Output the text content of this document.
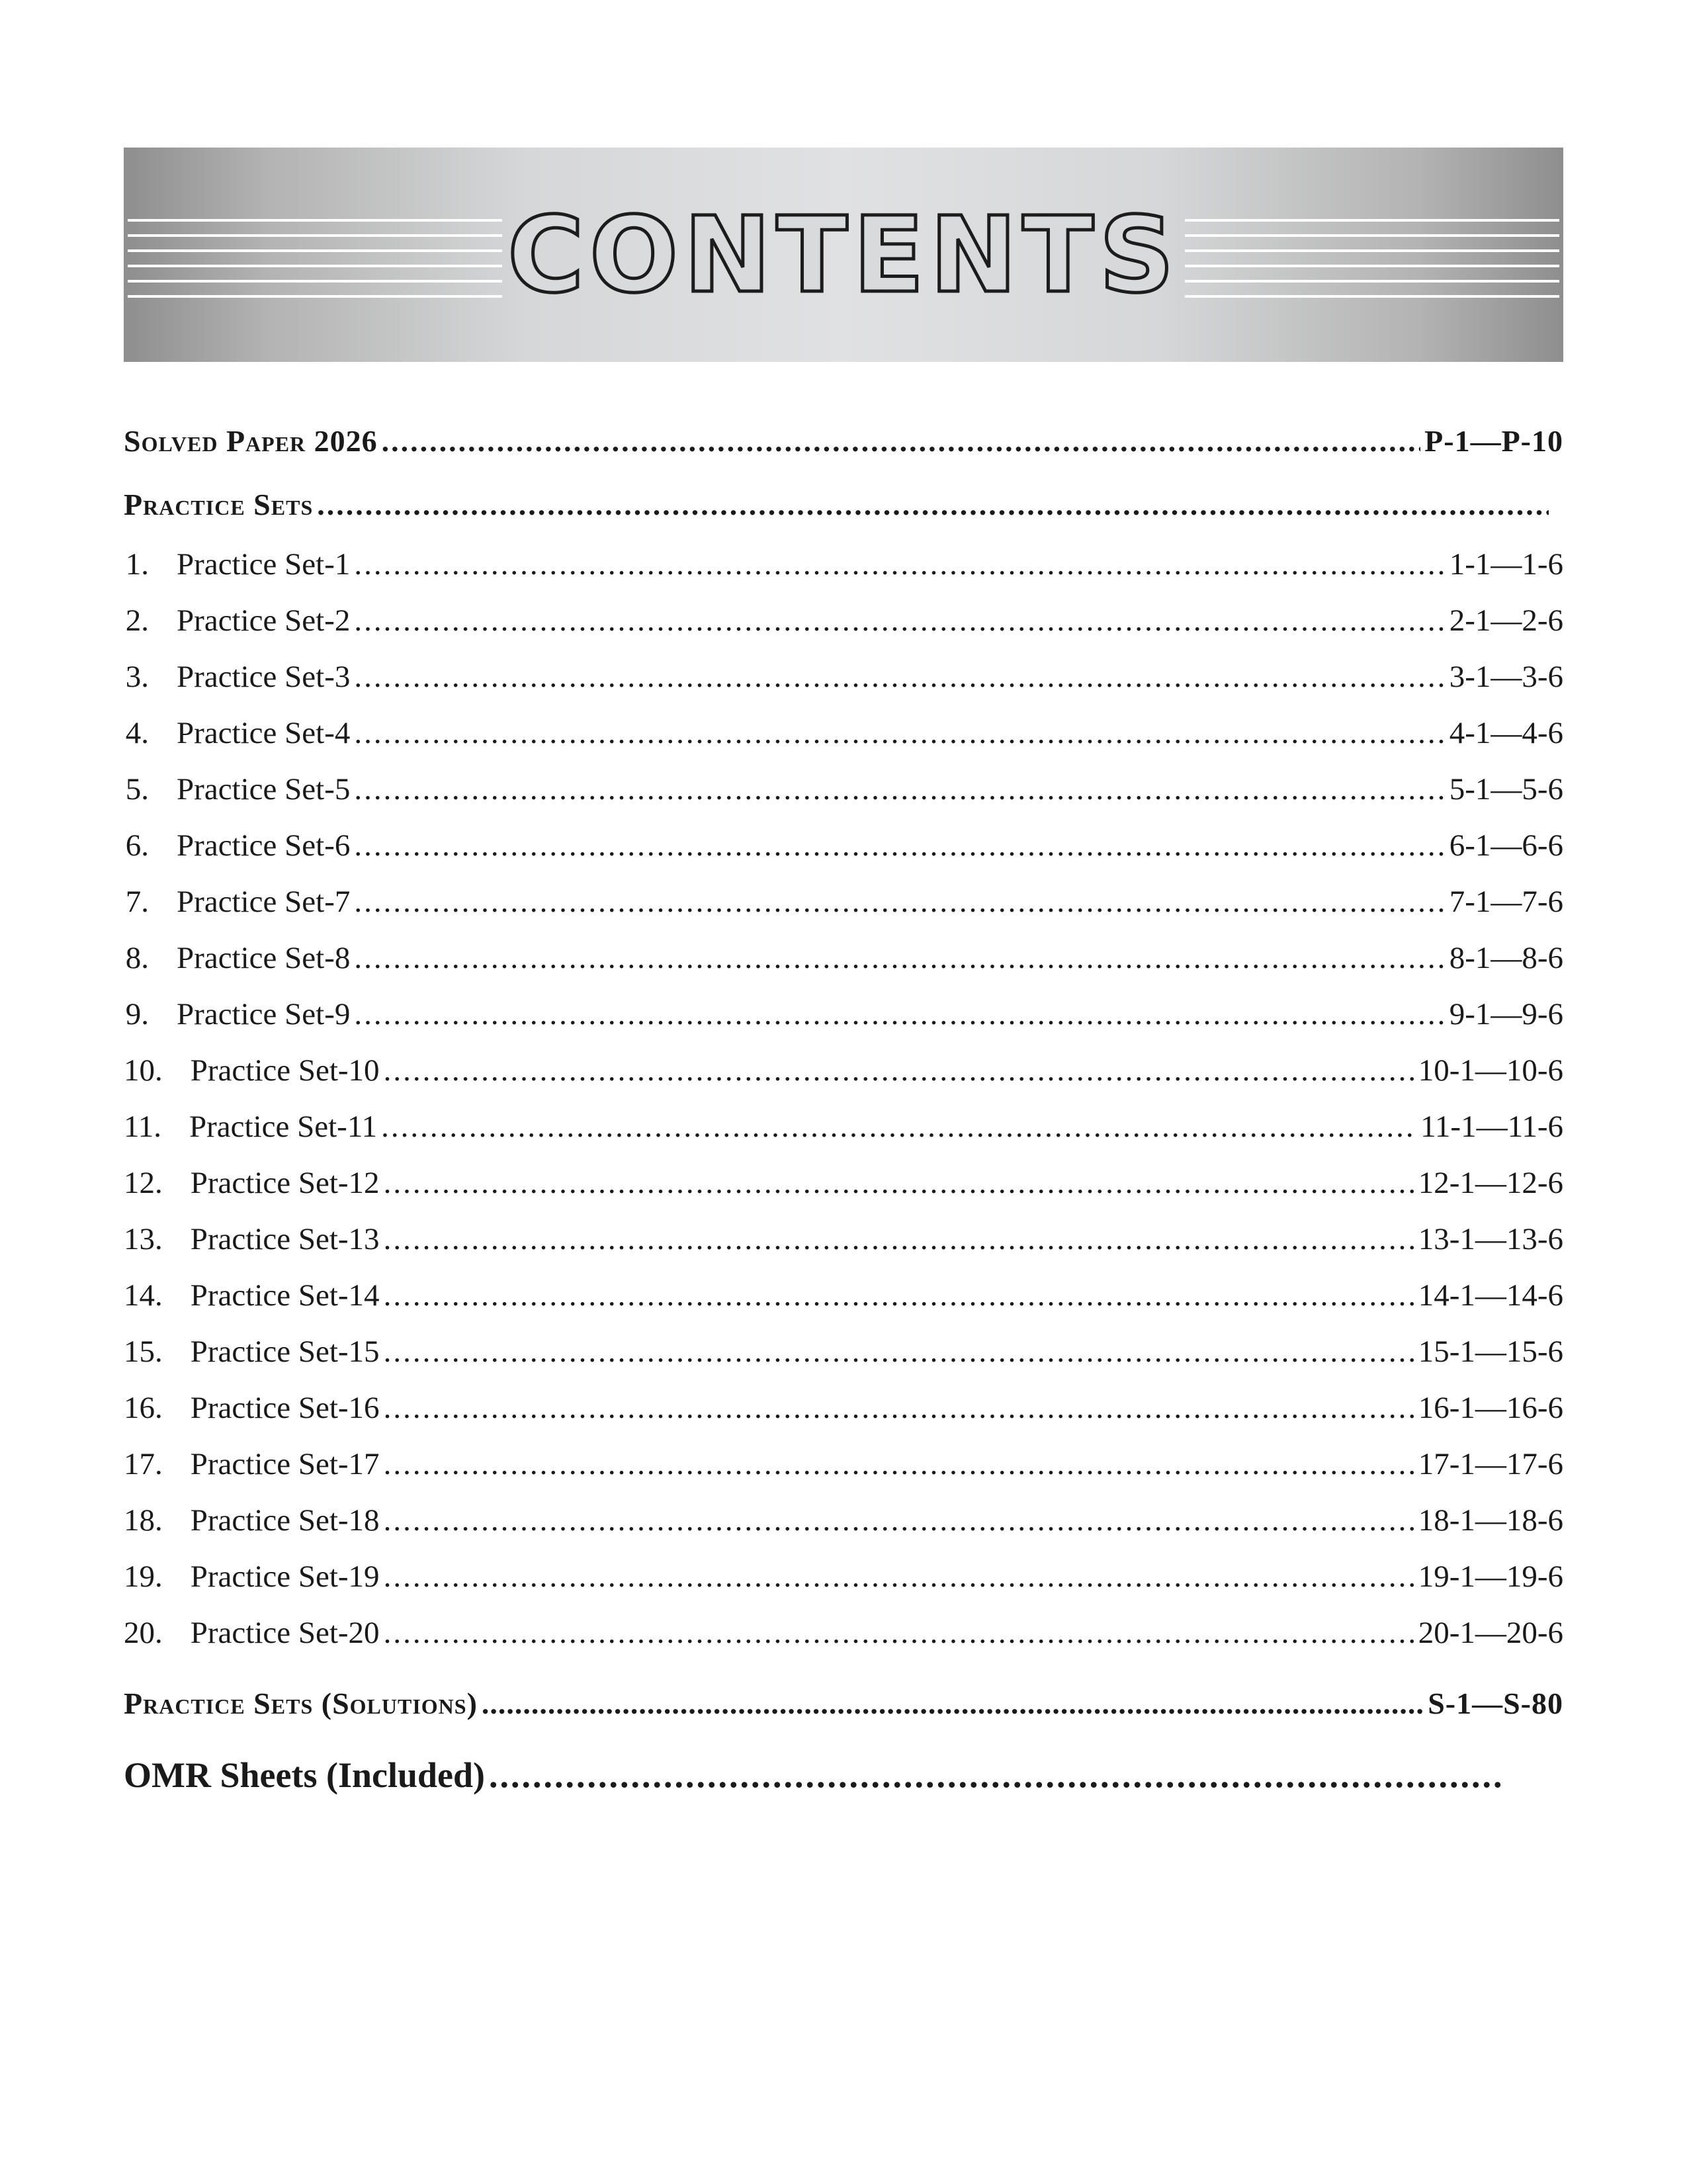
CONTENTS
Solved Paper 2026 .....	P-1—P-10
Practice Sets
.....
1. Practice Set-1 .....	1-1—1-6
2. Practice Set-2 .....	2-1—2-6
3. Practice Set-3 .....	3-1—3-6
4. Practice Set-4 .....	4-1—4-6
5. Practice Set-5 .....	5-1—5-6
6. Practice Set-6 .....	6-1—6-6
7. Practice Set-7 .....	7-1—7-6
8. Practice Set-8 .....	8-1—8-6
9. Practice Set-9 .....	9-1—9-6
10. Practice Set-10 .....	10-1—10-6
11. Practice Set-11 .....	11-1—11-6
12. Practice Set-12 .....	12-1—12-6
13. Practice Set-13 .....	13-1—13-6
14. Practice Set-14 .....	14-1—14-6
15. Practice Set-15 .....	15-1—15-6
16. Practice Set-16 .....	16-1—16-6
17. Practice Set-17 .....	17-1—17-6
18. Practice Set-18 .....	18-1—18-6
19. Practice Set-19 .....	19-1—19-6
20. Practice Set-20 .....	20-1—20-6
Practice Sets (Solutions) .....	S-1—S-80
OMR Sheets (Included)
.....
